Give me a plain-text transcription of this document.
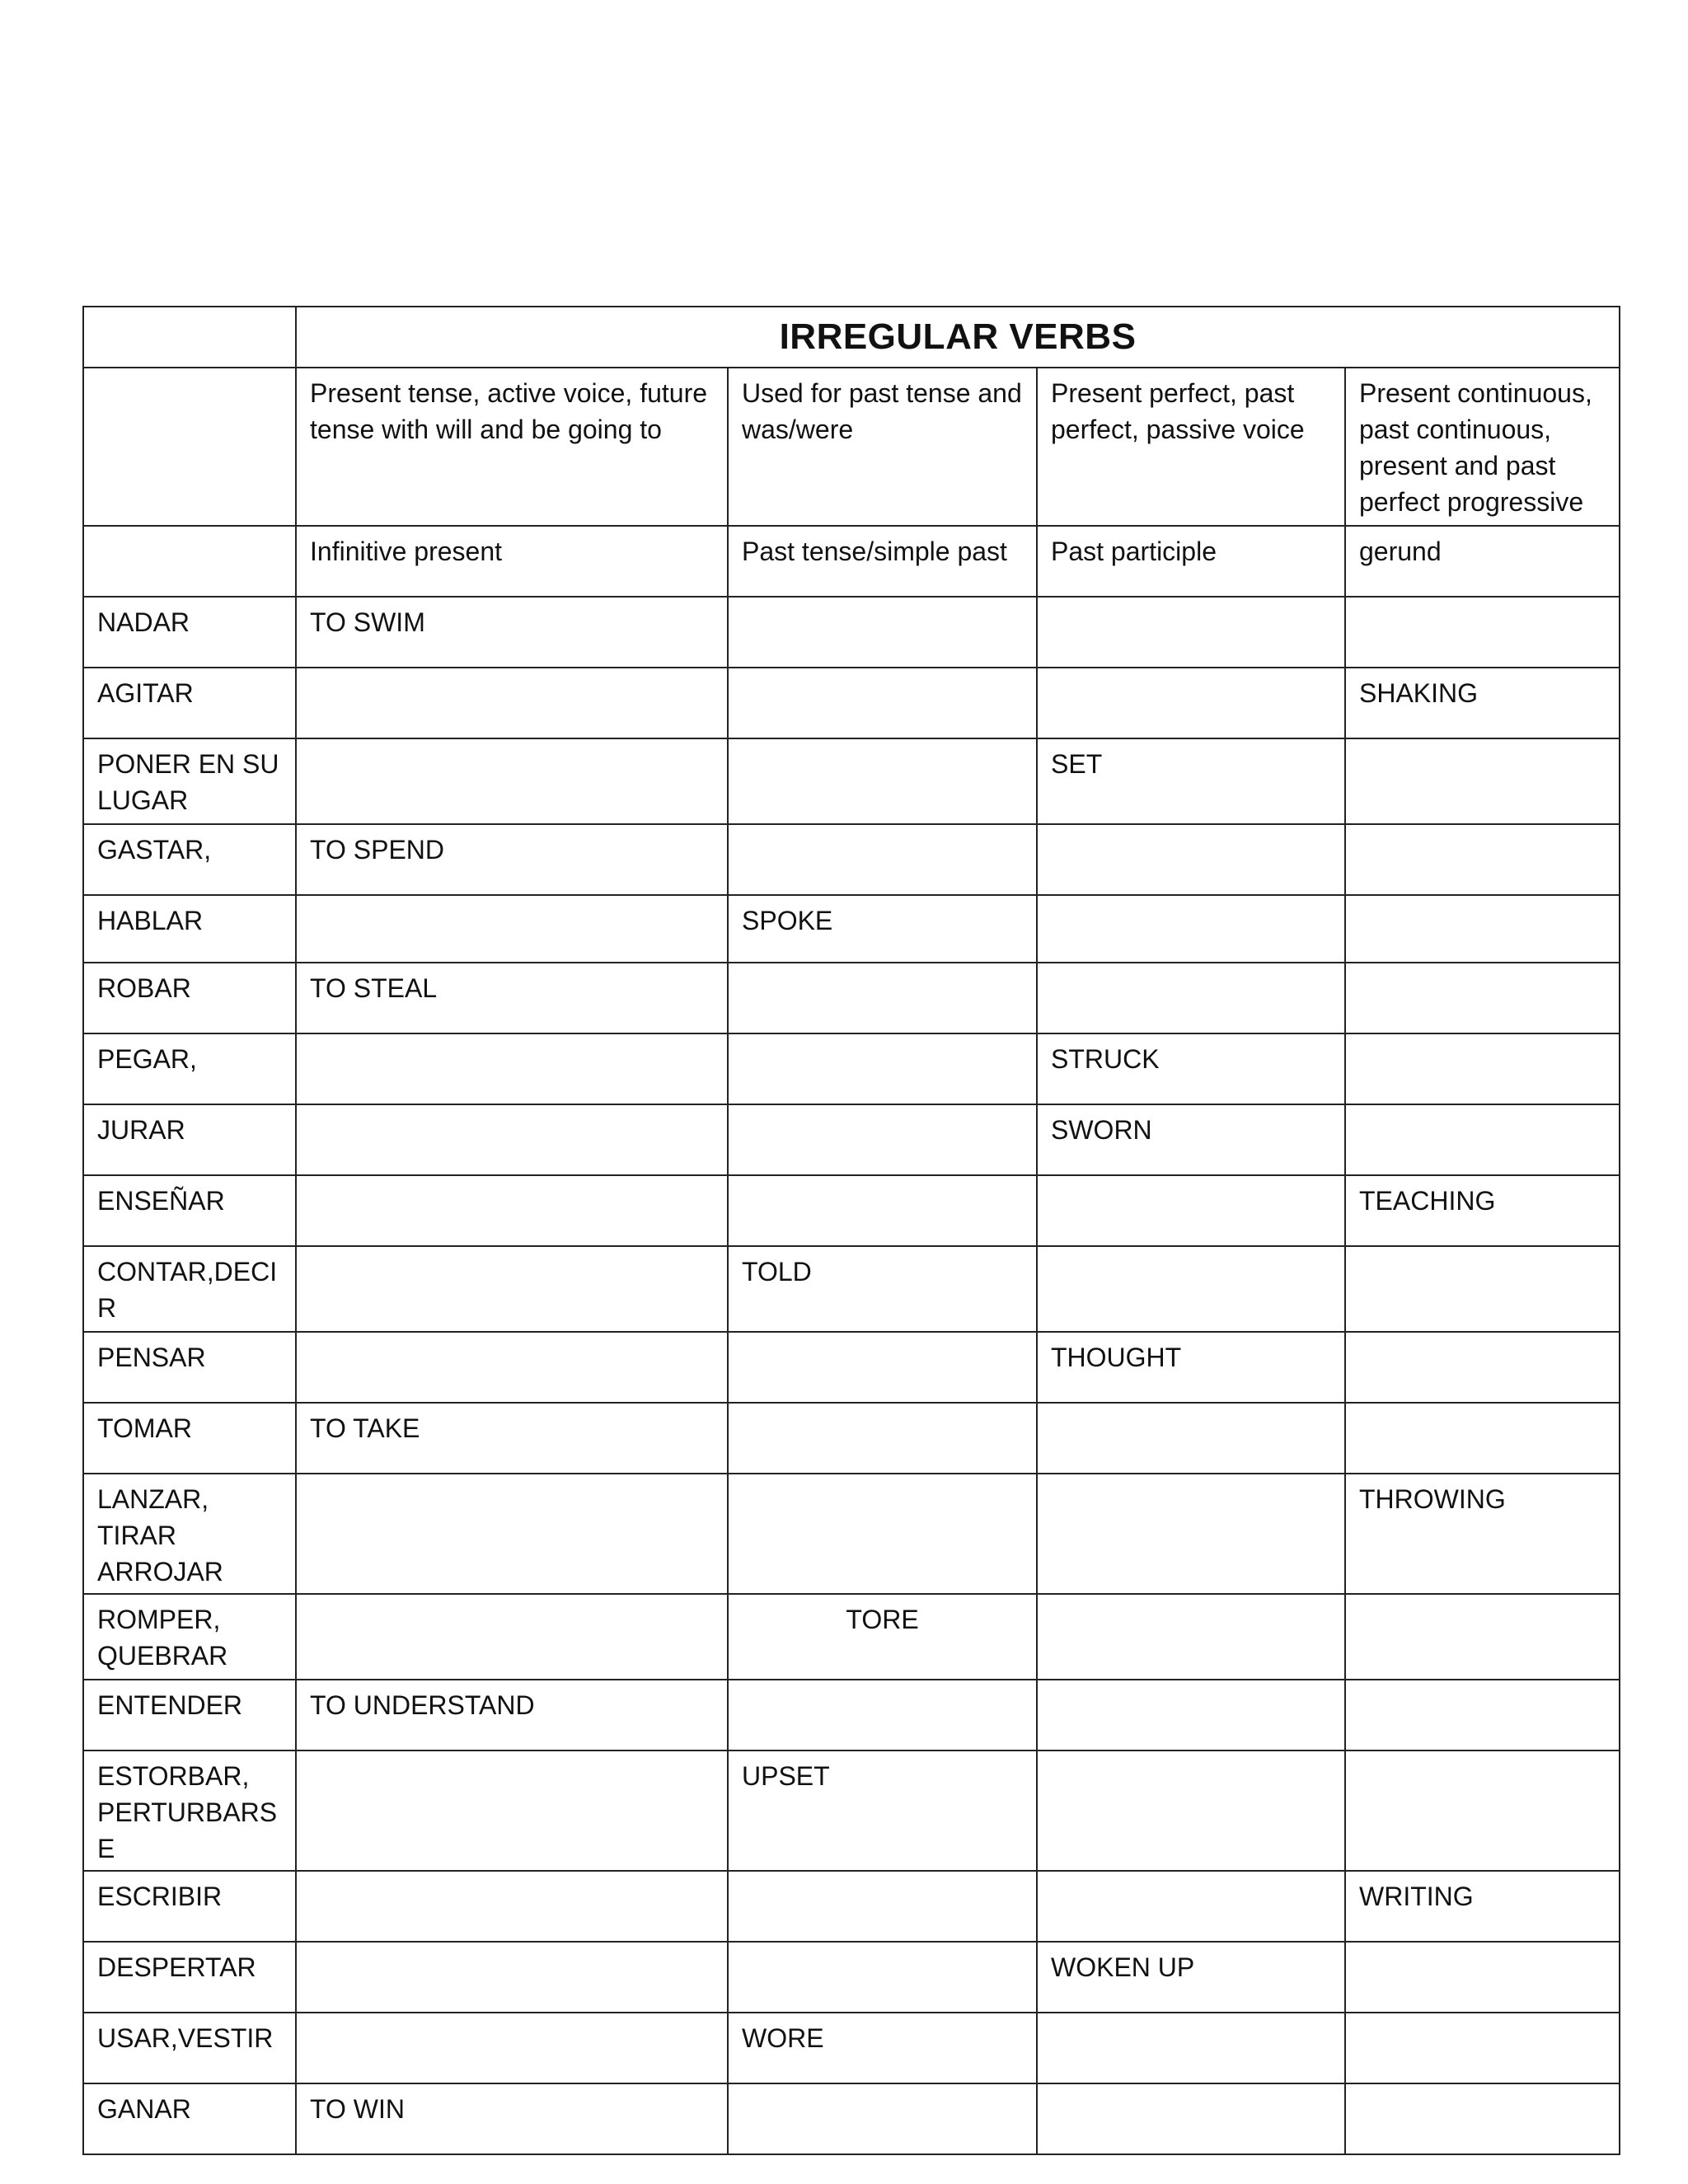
	IRREGULAR VERBS			
	Present tense, active voice, future tense with will and be going to	Used for past tense and was/were	Present perfect, past perfect, passive voice	Present continuous, past continuous, present and past perfect progressive
	Infinitive present	Past tense/simple past	Past participle	gerund
NADAR	TO SWIM			
AGITAR				SHAKING
PONER EN SU LUGAR			SET	
GASTAR,	TO SPEND			
HABLAR		SPOKE		
ROBAR	TO STEAL			
PEGAR,			STRUCK	
JURAR			SWORN	
ENSEÑAR				TEACHING
CONTAR,DECIR		TOLD		
PENSAR			THOUGHT	
TOMAR	TO TAKE			
LANZAR, TIRAR ARROJAR				THROWING
ROMPER, QUEBRAR		TORE		
ENTENDER	TO UNDERSTAND			
ESTORBAR, PERTURBARSE		UPSET		
ESCRIBIR				WRITING
DESPERTAR			WOKEN UP	
USAR,VESTIR		WORE		
GANAR	TO WIN			
